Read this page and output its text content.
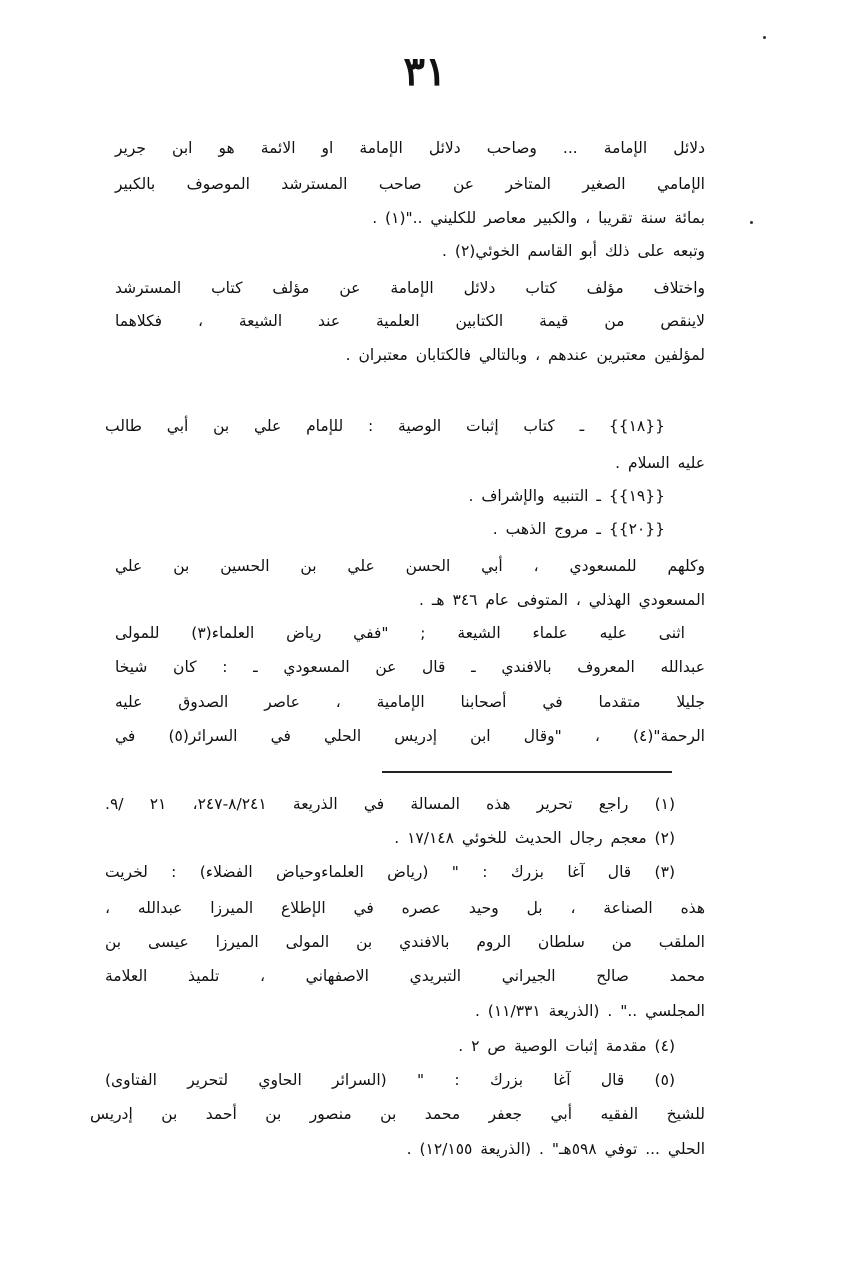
٣١
دلائل الإمامة ... وصاحب دلائل الإمامة او الائمة هو ابن جرير
الإمامي الصغير المتاخر عن صاحب المسترشد الموصوف بالكبير
بمائة سنة تقريبا ، والكبير معاصر للكليني .."(١) .
وتبعه على ذلك أبو القاسم الخوئي(٢) .
واختلاف مؤلف كتاب دلائل الإمامة عن مؤلف كتاب المسترشد
لاينقص من قيمة الكتابين العلمية عند الشيعة ، فكلاهما
لمؤلفين معتبرين عندهم ، وبالتالي فالكتابان معتبران .
{{١٨}} ـ كتاب إثبات الوصية : للإمام علي بن أبي طالب
عليه السلام .
{{١٩}} ـ التنبيه والإشراف .
{{٢٠}} ـ مروج الذهب .
وكلهم للمسعودي ، أبي الحسن علي بن الحسين بن علي
المسعودي الهذلي ، المتوفى عام ٣٤٦ هـ .
اثنى عليه علماء الشيعة ; "ففي رياض العلماء(٣) للمولى
عبدالله المعروف بالافندي ـ قال عن المسعودي ـ : كان شيخا
جليلا متقدما في أصحابنا الإمامية ، عاصر الصدوق عليه
الرحمة"(٤) ، "وقال ابن إدريس الحلي في السرائر(٥) في
(١) راجع تحرير هذه المسالة في الذريعة ٨/٢٤١-٢٤٧، ٢١ /٩.
(٢) معجم رجال الحديث للخوئي ١٧/١٤٨ .
(٣) قال آغا بزرك : " (رياض العلماءوحياض الفضلاء) : لخريت
هذه الصناعة ، بل وحيد عصره في الإطلاع الميرزا عبدالله ،
الملقب من سلطان الروم بالافندي بن المولى الميرزا عيسى بن
محمد صالح الجيراني التبريدي الاصفهاني ، تلميذ العلامة
المجلسي .." . (الذريعة ١١/٣٣١) .
(٤) مقدمة إثبات الوصية ص ٢ .
(٥) قال آغا بزرك : " (السرائر الحاوي لتحرير الفتاوى)
للشيخ الفقيه أبي جعفر محمد بن منصور بن أحمد بن إدريس
الحلي ... توفي ٥٩٨هـ" . (الذريعة ١٢/١٥٥) .
